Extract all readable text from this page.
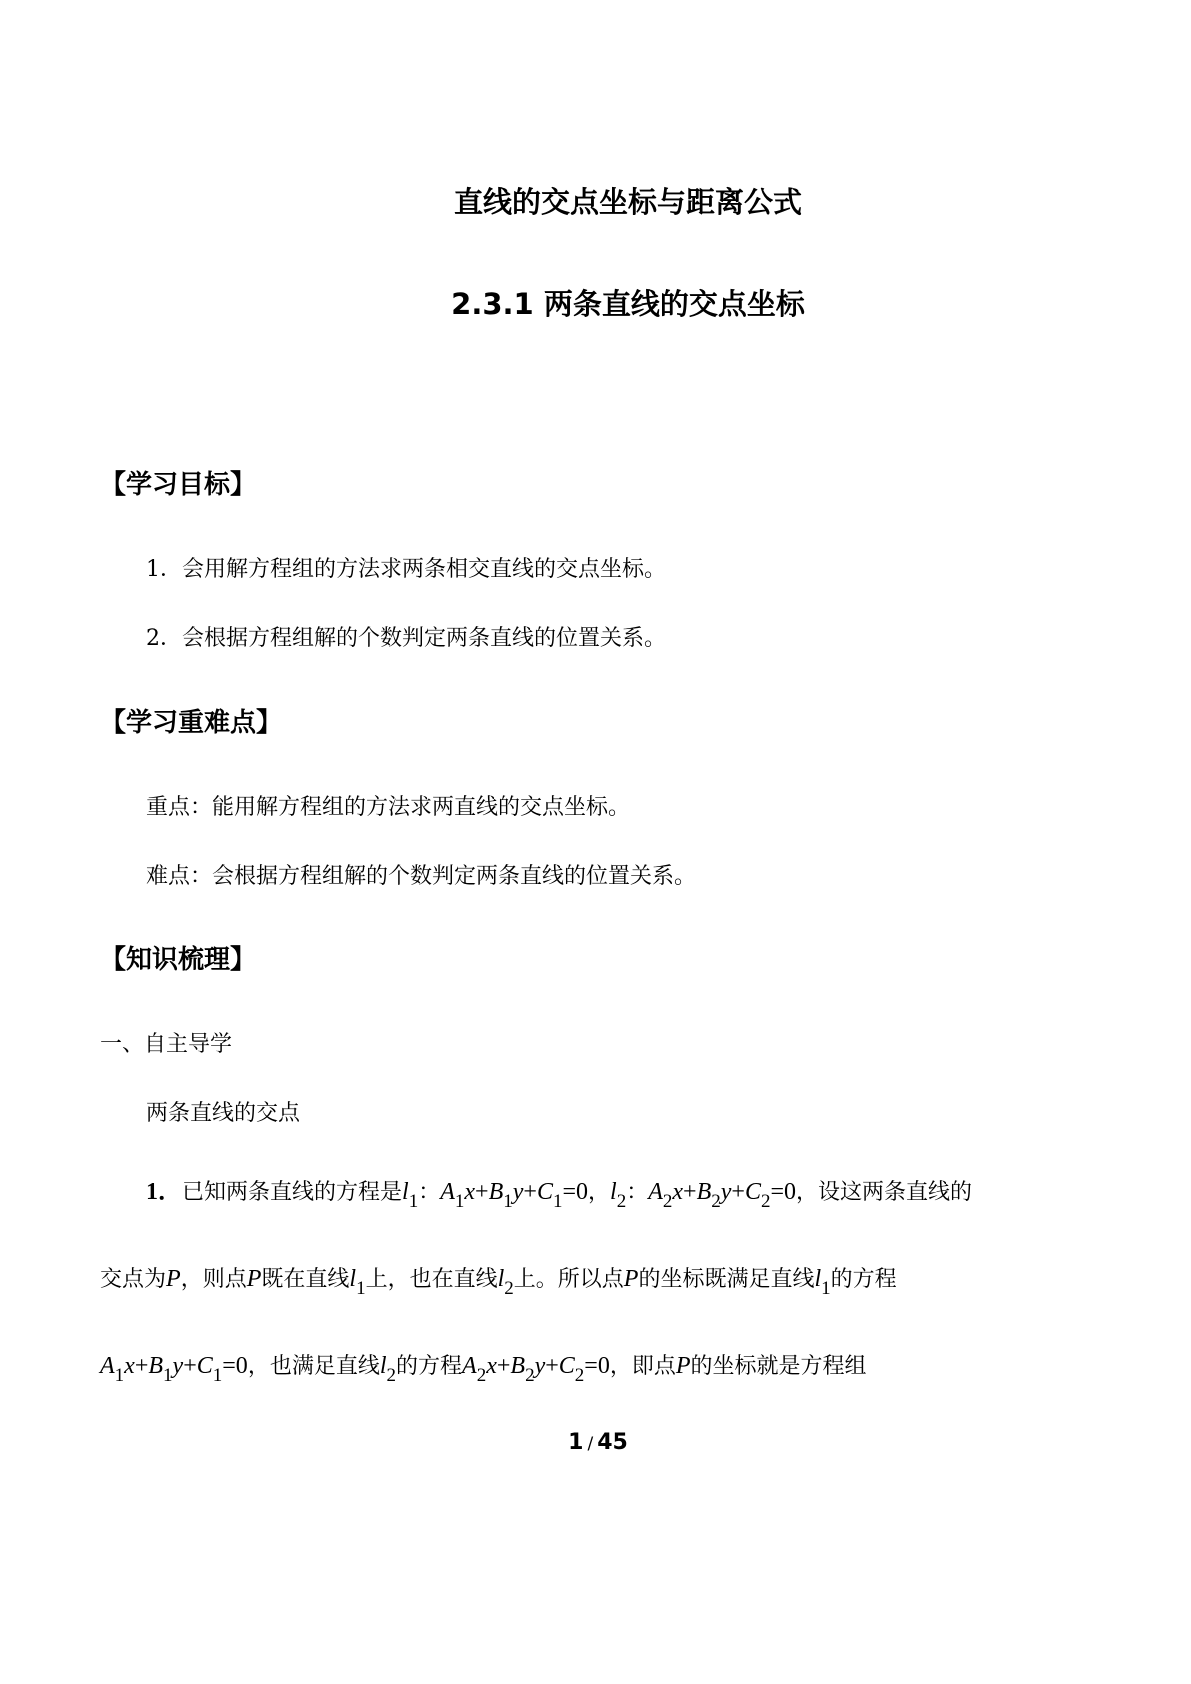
直线的交点坐标与距离公式
2.3.1 两条直线的交点坐标
【学习目标】
1．会用解方程组的方法求两条相交直线的交点坐标。
2．会根据方程组解的个数判定两条直线的位置关系。
【学习重难点】
重点：能用解方程组的方法求两直线的交点坐标。
难点：会根据方程组解的个数判定两条直线的位置关系。
【知识梳理】
一、自主导学
两条直线的交点
1．已知两条直线的方程是$l_1$：$A_1x+B_1y+C_1=0$，$l_2$：$A_2x+B_2y+C_2=0$，设这两条直线的
交点为P，则点P既在直线$l_1$上，也在直线$l_2$上。所以点P的坐标既满足直线$l_1$的方程
$A_1x+B_1y+C_1=0$，也满足直线$l_2$的方程$A_2x+B_2y+C_2=0$，即点P的坐标就是方程组
1 / 45
